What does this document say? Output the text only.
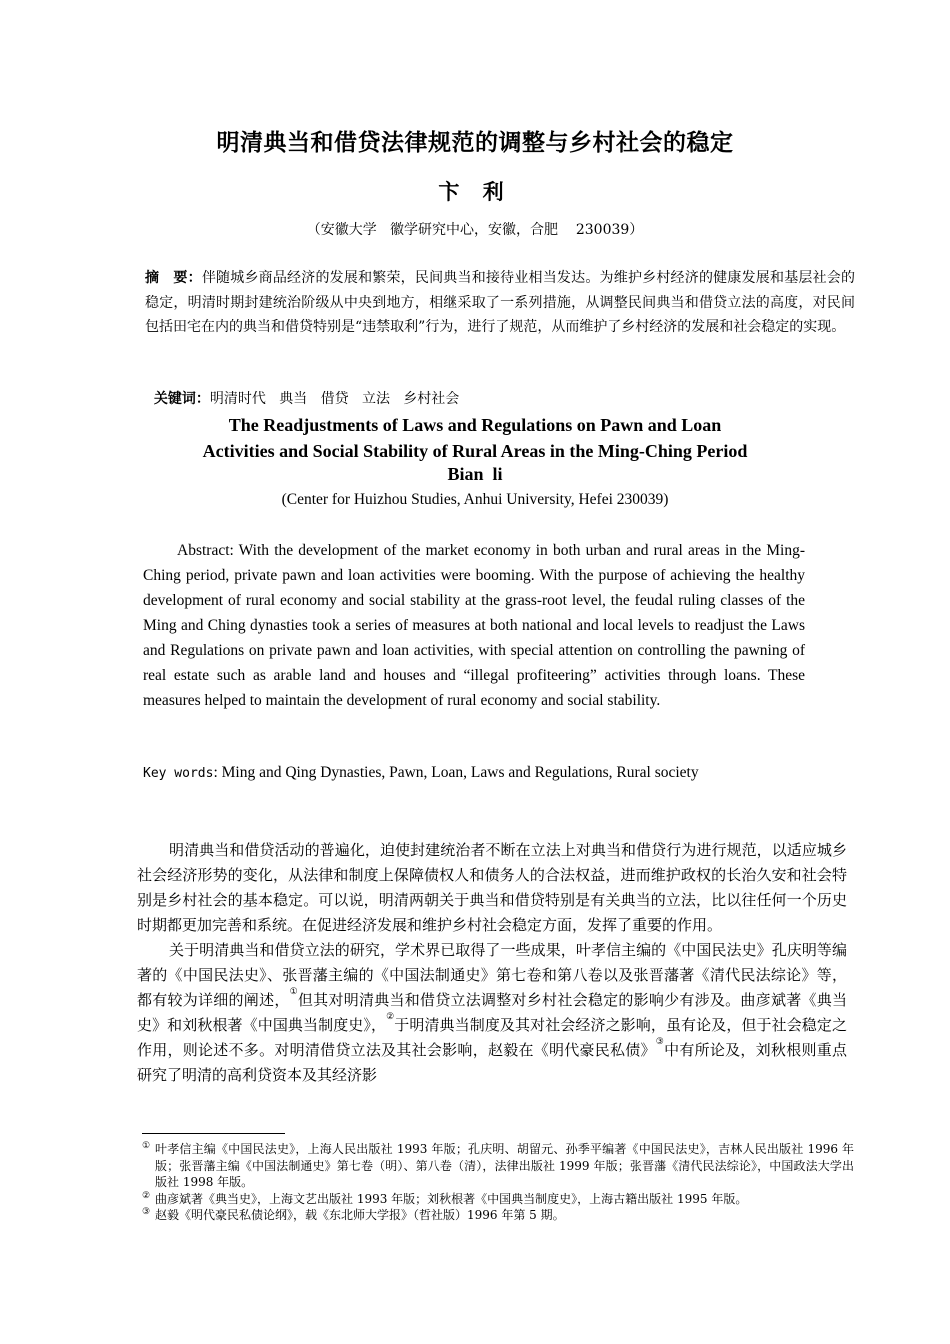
明清典当和借贷法律规范的调整与乡村社会的稳定
卞 利
（安徽大学   徽学研究中心，安徽，合肥    230039）
摘　要：伴随城乡商品经济的发展和繁荣，民间典当和接待业相当发达。为维护乡村经济的健康发展和基层社会的稳定，明清时期封建统治阶级从中央到地方，相继采取了一系列措施，从调整民间典当和借贷立法的高度，对民间包括田宅在内的典当和借贷特别是“违禁取利”行为，进行了规范，从而维护了乡村经济的发展和社会稳定的实现。

关键词：明清时代   典当   借贷   立法   乡村社会

The Readjustments of Laws and Regulations on Pawn and Loan
Activities and Social Stability of Rural Areas in the Ming-Ching Period
Bian  li
(Center for Huizhou Studies, Anhui University, Hefei 230039)
Abstract: With the development of the market economy in both urban and rural areas in the Ming-Ching period, private pawn and loan activities were booming. With the purpose of achieving the healthy development of rural economy and social stability at the grass-root level, the feudal ruling classes of the Ming and Ching dynasties took a series of measures at both national and local levels to readjust the Laws and Regulations on private pawn and loan activities, with special attention on controlling the pawning of real estate such as arable land and houses and “illegal profiteering” activities through loans. These measures helped to maintain the development of rural economy and social stability.
Key words: Ming and Qing Dynasties, Pawn, Loan, Laws and Regulations, Rural society

明清典当和借贷活动的普遍化，迫使封建统治者不断在立法上对典当和借贷行为进行规范，以适应城乡社会经济形势的变化，从法律和制度上保障债权人和债务人的合法权益，进而维护政权的长治久安和社会特别是乡村社会的基本稳定。可以说，明清两朝关于典当和借贷特别是有关典当的立法，比以往任何一个历史时期都更加完善和系统。在促进经济发展和维护乡村社会稳定方面，发挥了重要的作用。

关于明清典当和借贷立法的研究，学术界已取得了一些成果，叶孝信主编的《中国民法史》孔庆明等编著的《中国民法史》、张晋藩主编的《中国法制通史》第七卷和第八卷以及张晋藩著《清代民法综论》等，都有较为详细的阐述，①但其对明清典当和借贷立法调整对乡村社会稳定的影响少有涉及。曲彦斌著《典当史》和刘秋根著《中国典当制度史》，②于明清典当制度及其对社会经济之影响，虽有论及，但于社会稳定之作用，则论述不多。对明清借贷立法及其社会影响，赵毅在《明代豪民私债》③中有所论及，刘秋根则重点研究了明清的高利贷资本及其经济影

① 叶孝信主编《中国民法史》，上海人民出版社 1993 年版；孔庆明、胡留元、孙季平编著《中国民法史》，吉林人民出版社 1996 年版；张晋藩主编《中国法制通史》第七卷（明）、第八卷（清），法律出版社 1999 年版；张晋藩《清代民法综论》，中国政法大学出版社 1998 年版。
② 曲彦斌著《典当史》，上海文艺出版社 1993 年版；刘秋根著《中国典当制度史》，上海古籍出版社 1995 年版。
③ 赵毅《明代豪民私债论纲》，载《东北师大学报》（哲社版）1996 年第 5 期。
